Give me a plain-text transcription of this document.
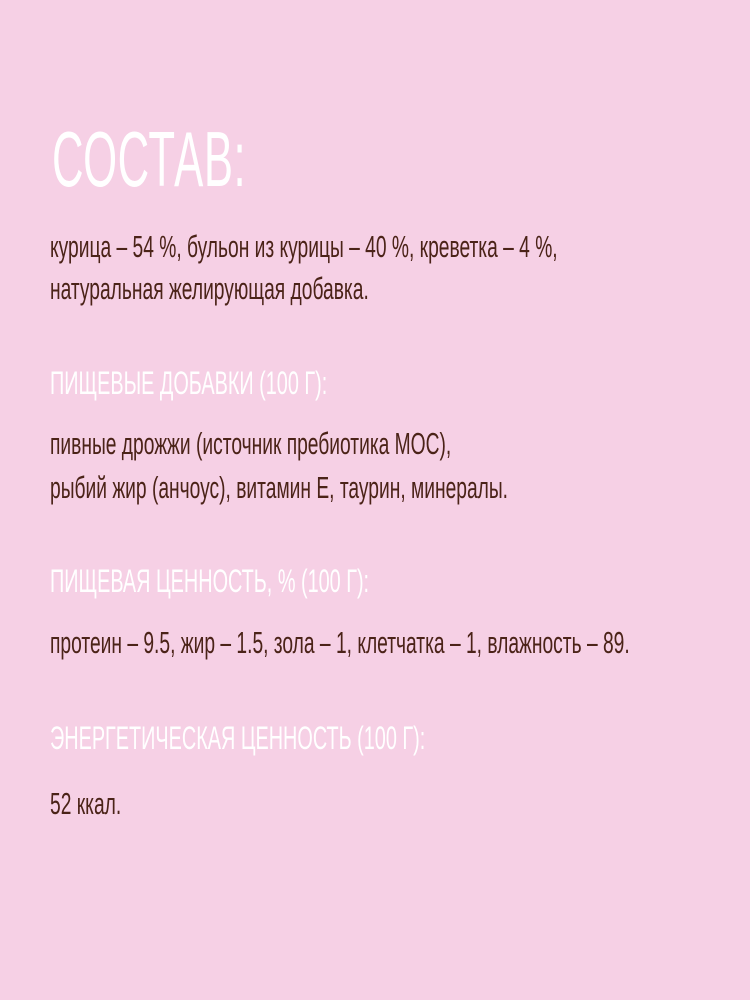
СОСТАВ:
курица – 54 %, бульон из курицы – 40 %, креветка – 4 %,
натуральная желирующая добавка.
ПИЩЕВЫЕ ДОБАВКИ (100 Г):
пивные дрожжи (источник пребиотика МОС),
рыбий жир (анчоус), витамин Е, таурин, минералы.
ПИЩЕВАЯ ЦЕННОСТЬ, % (100 Г):
протеин – 9.5, жир – 1.5, зола – 1, клетчатка – 1, влажность – 89.
ЭНЕРГЕТИЧЕСКАЯ ЦЕННОСТЬ (100 Г):
52 ккал.
